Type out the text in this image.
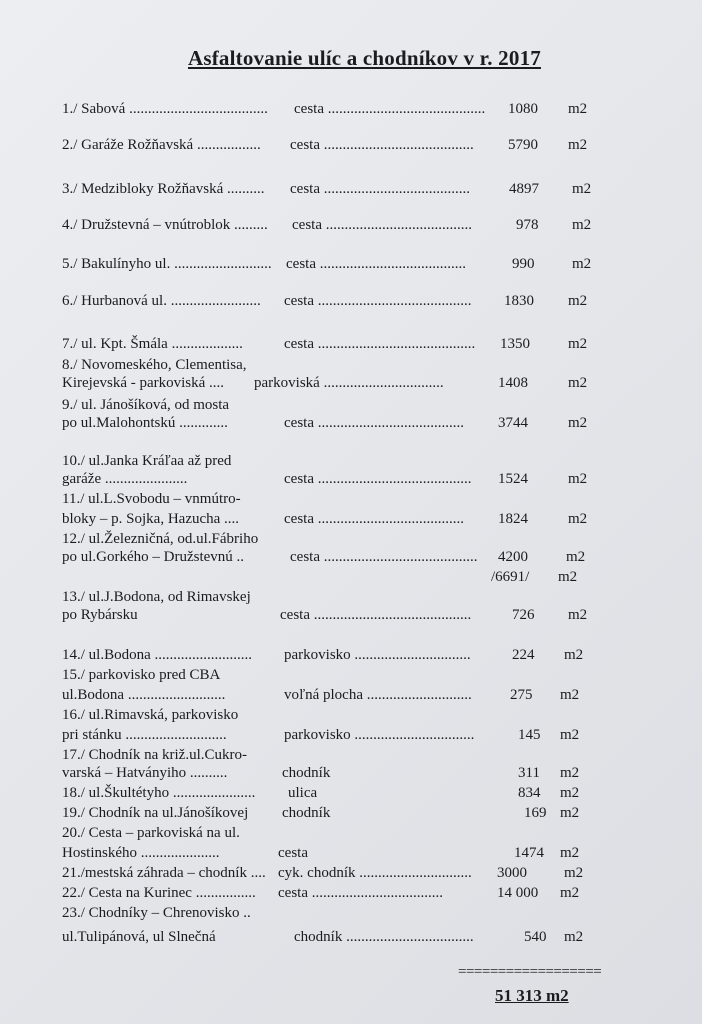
Asfaltovanie ulíc a chodníkov v r. 2017
1./ Sabová ..................................... cesta .......................................... 1080 m2
2./ Garáže Rožňavská ................. cesta ........................................ 5790 m2
3./ Medzibloky Rožňavská .......... cesta .......................................	4897 m2
4./ Družstevná – vnútroblok ......... cesta .......................................	978 m2
5./ Bakulínyho ul. .......................... cesta .......................................	990	m2
6./ Hurbanová ul. ........................ cesta ......................................... 1830 m2
7./ ul. Kpt. Šmála ...................	cesta .......................................... 1350	m2
8./ Novomeského, Clementisa,
Kirejevská - parkoviská .... parkoviská ................................	1408	m2
9./ ul. Jánošíková, od mosta
po ul.Malohontskú .............	cesta ....................................... 3744	m2
10./ ul.Janka Kráľaa až pred
garáže ......................	cesta ......................................... 1524	m2
11./ ul.L.Svobodu – vnmútro-
bloky – p. Sojka, Hazucha ....	cesta ....................................... 1824	m2
12./ ul.Železničná, od.ul.Fábriho
po ul.Gorkého – Družstevnú ..	cesta ......................................... 4200	m2
/6691/ m2
13./ ul.J.Bodona, od Rimavskej
po Rybársku	cesta ..........................................	726 m2
14./ ul.Bodona .......................... parkovisko ...............................	224 m2
15./ parkovisko pred CBA
ul.Bodona ..........................	voľná plocha ............................	275 m2
16./ ul.Rimavská, parkovisko
pri stánku ...........................	parkovisko ................................	145 m2
17./ Chodník na križ.ul.Cukro-
varská – Hatványiho ..........	chodník	311 m2
18./ ul.Škultétyho ...................... ulica	834 m2
19./ Chodník na ul.Jánošíkovej chodník	169 m2
20./ Cesta – parkoviská na ul.
Hostinského .....................	cesta	1474 m2
21./mestská záhrada – chodník .... cyk. chodník .............................. 3000 m2
22./ Cesta na Kurinec ................ cesta ...................................	14 000 m2
23./ Chodníky – Chrenovisko ..
ul.Tulipánová, ul Slnečná	chodník ..................................	540 m2
==================
51 313 m2
